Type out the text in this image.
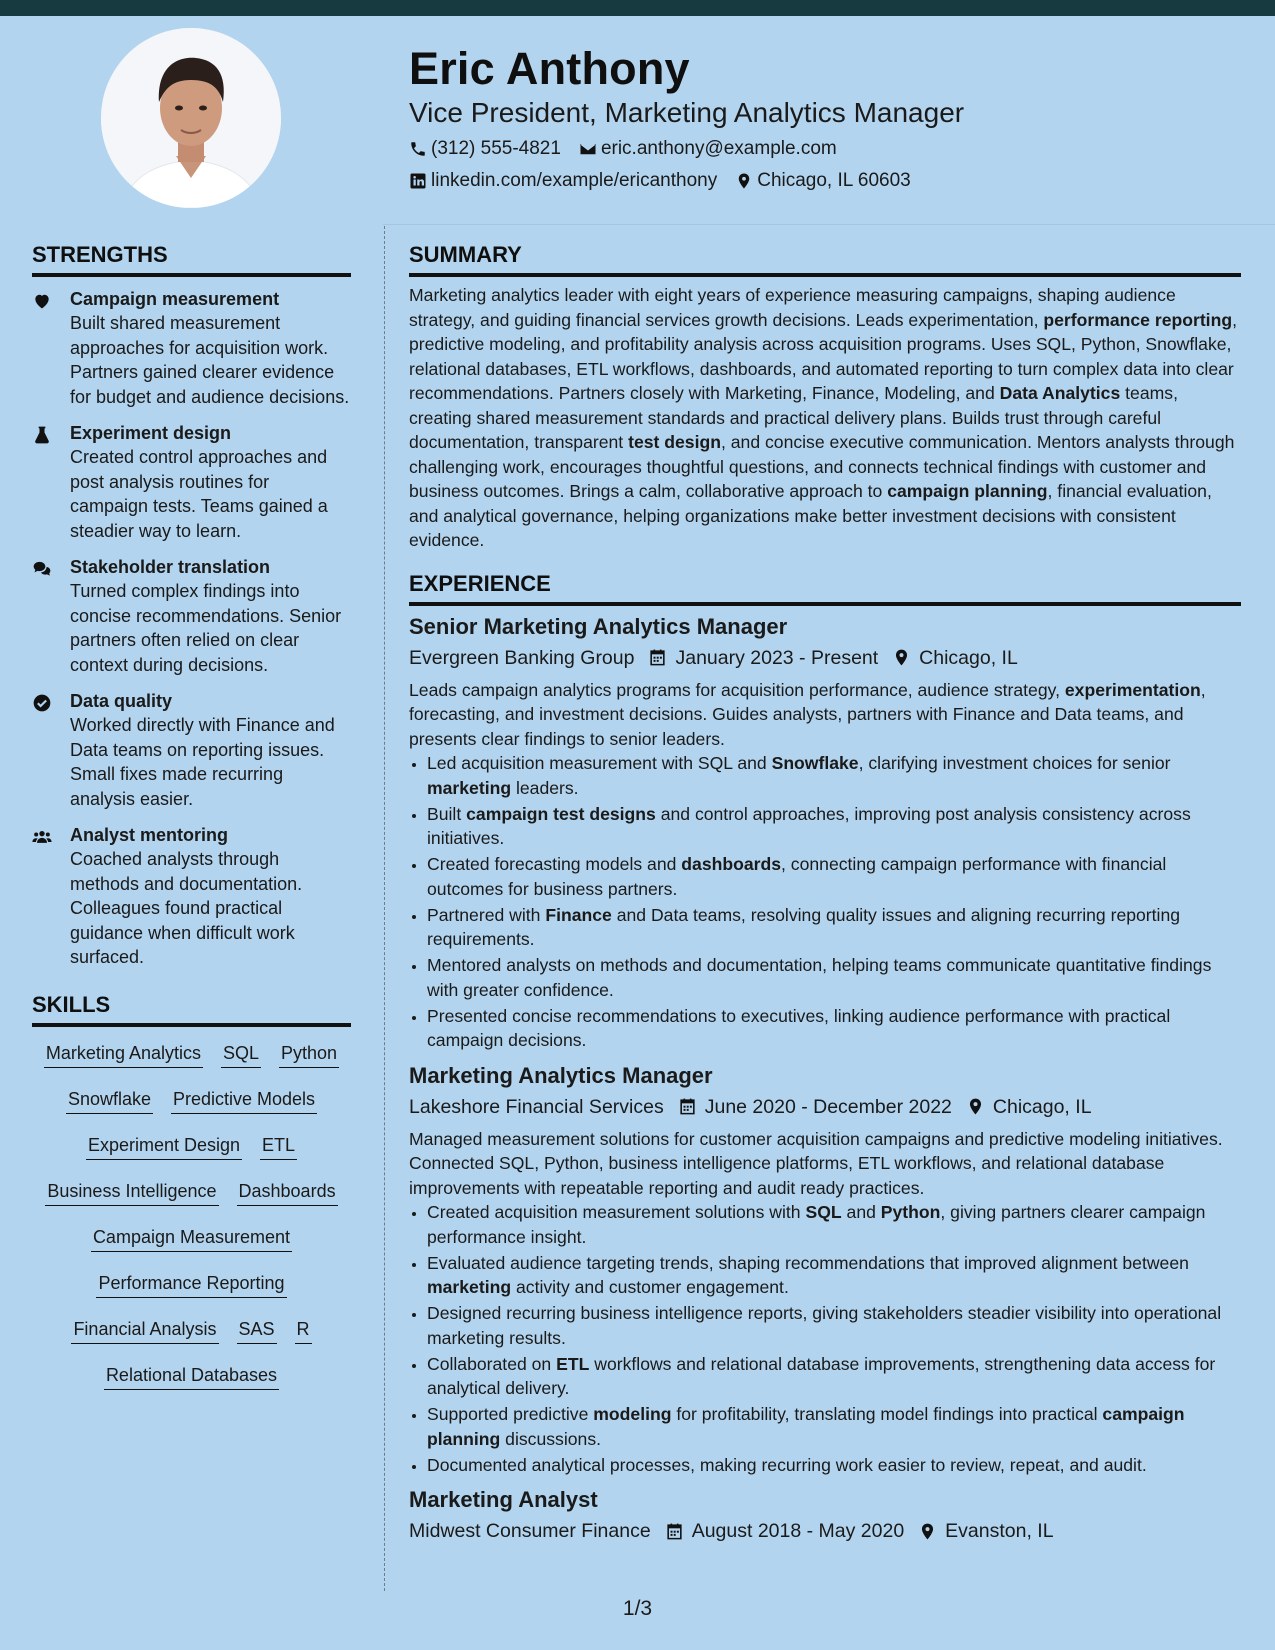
Eric Anthony
Vice President, Marketing Analytics Manager
(312) 555-4821 eric.anthony@example.com
linkedin.com/example/ericanthony Chicago, IL 60603
STRENGTHS
Campaign measurement
Built shared measurement approaches for acquisition work. Partners gained clearer evidence for budget and audience decisions.
Experiment design
Created control approaches and post analysis routines for campaign tests. Teams gained a steadier way to learn.
Stakeholder translation
Turned complex findings into concise recommendations. Senior partners often relied on clear context during decisions.
Data quality
Worked directly with Finance and Data teams on reporting issues. Small fixes made recurring analysis easier.
Analyst mentoring
Coached analysts through methods and documentation. Colleagues found practical guidance when difficult work surfaced.
SKILLS
Marketing Analytics SQL Python
Snowflake Predictive Models
Experiment Design ETL
Business Intelligence Dashboards
Campaign Measurement
Performance Reporting
Financial Analysis SAS R
Relational Databases
SUMMARY
Marketing analytics leader with eight years of experience measuring campaigns, shaping audience strategy, and guiding financial services growth decisions. Leads experimentation, performance reporting, predictive modeling, and profitability analysis across acquisition programs. Uses SQL, Python, Snowflake, relational databases, ETL workflows, dashboards, and automated reporting to turn complex data into clear recommendations. Partners closely with Marketing, Finance, Modeling, and Data Analytics teams, creating shared measurement standards and practical delivery plans. Builds trust through careful documentation, transparent test design, and concise executive communication. Mentors analysts through challenging work, encourages thoughtful questions, and connects technical findings with customer and business outcomes. Brings a calm, collaborative approach to campaign planning, financial evaluation, and analytical governance, helping organizations make better investment decisions with consistent evidence.
EXPERIENCE
Senior Marketing Analytics Manager
Evergreen Banking Group January 2023 - Present Chicago, IL
Leads campaign analytics programs for acquisition performance, audience strategy, experimentation, forecasting, and investment decisions. Guides analysts, partners with Finance and Data teams, and presents clear findings to senior leaders.
• Led acquisition measurement with SQL and Snowflake, clarifying investment choices for senior marketing leaders.
• Built campaign test designs and control approaches, improving post analysis consistency across initiatives.
• Created forecasting models and dashboards, connecting campaign performance with financial outcomes for business partners.
• Partnered with Finance and Data teams, resolving quality issues and aligning recurring reporting requirements.
• Mentored analysts on methods and documentation, helping teams communicate quantitative findings with greater confidence.
• Presented concise recommendations to executives, linking audience performance with practical campaign decisions.
Marketing Analytics Manager
Lakeshore Financial Services June 2020 - December 2022 Chicago, IL
Managed measurement solutions for customer acquisition campaigns and predictive modeling initiatives. Connected SQL, Python, business intelligence platforms, ETL workflows, and relational database improvements with repeatable reporting and audit ready practices.
• Created acquisition measurement solutions with SQL and Python, giving partners clearer campaign performance insight.
• Evaluated audience targeting trends, shaping recommendations that improved alignment between marketing activity and customer engagement.
• Designed recurring business intelligence reports, giving stakeholders steadier visibility into operational marketing results.
• Collaborated on ETL workflows and relational database improvements, strengthening data access for analytical delivery.
• Supported predictive modeling for profitability, translating model findings into practical campaign planning discussions.
• Documented analytical processes, making recurring work easier to review, repeat, and audit.
Marketing Analyst
Midwest Consumer Finance August 2018 - May 2020 Evanston, IL
1/3
